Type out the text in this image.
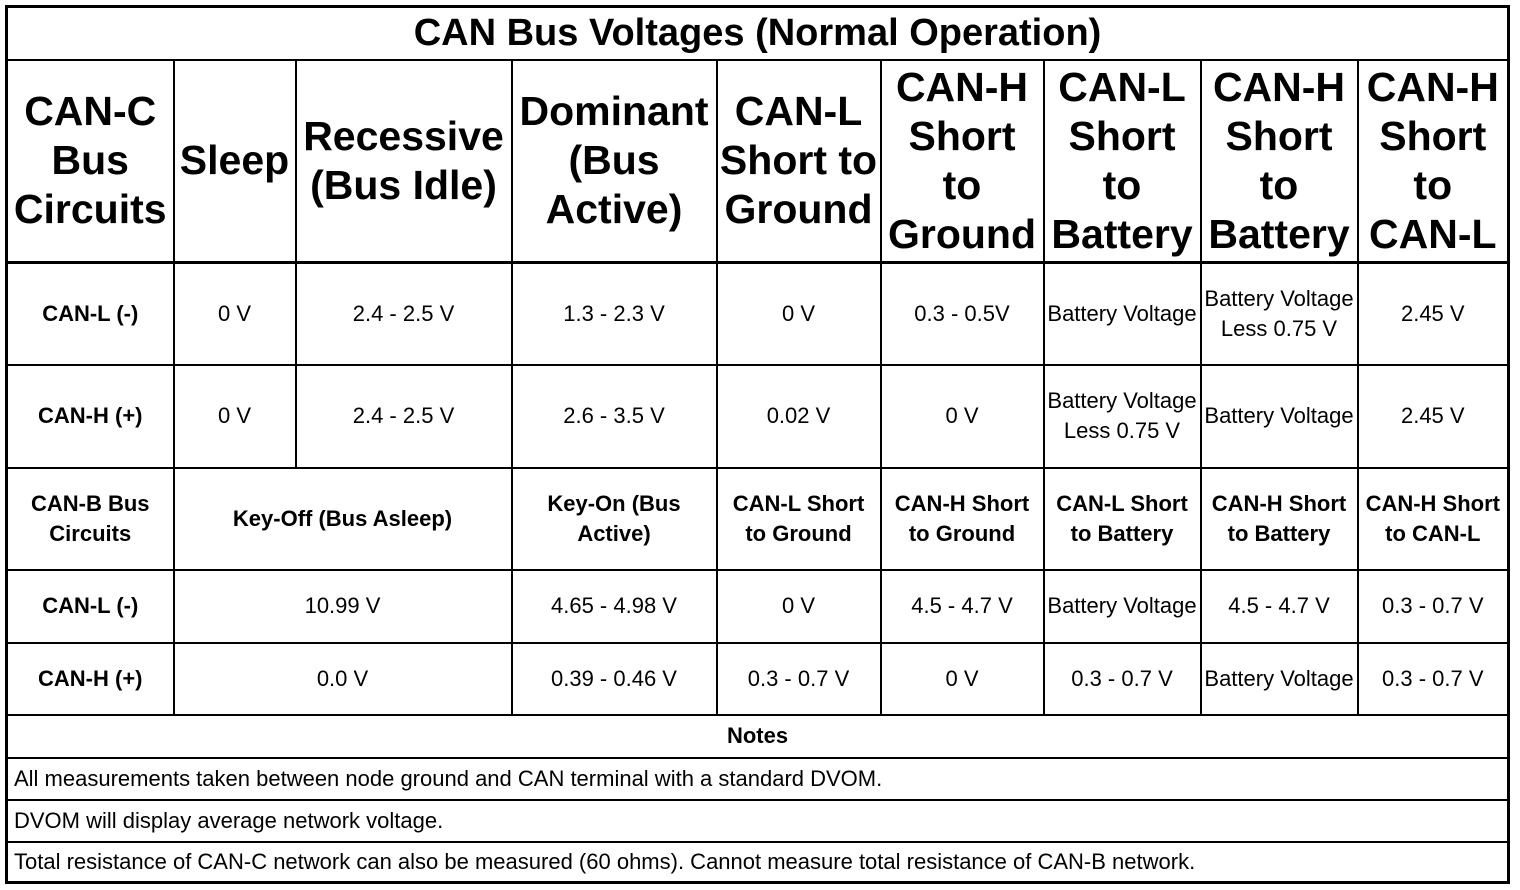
CAN Bus Voltages (Normal Operation)								
CAN-C Bus Circuits	Sleep	Recessive (Bus Idle)	Dominant (Bus Active)	CAN-L Short to Ground	CAN-H Short to Ground	CAN-L Short to Battery	CAN-H Short to Battery	CAN-H Short to CAN-L
CAN-L (-)	0 V	2.4 - 2.5 V	1.3 - 2.3 V	0 V	0.3 - 0.5V	Battery Voltage	Battery Voltage Less 0.75 V	2.45 V
CAN-H (+)	0 V	2.4 - 2.5 V	2.6 - 3.5 V	0.02 V	0 V	Battery Voltage Less 0.75 V	Battery Voltage	2.45 V
CAN-B Bus Circuits	Key-Off (Bus Asleep)		Key-On (Bus Active)	CAN-L Short to Ground	CAN-H Short to Ground	CAN-L Short to Battery	CAN-H Short to Battery	CAN-H Short to CAN-L
CAN-L (-)	10.99 V		4.65 - 4.98 V	0 V	4.5 - 4.7 V	Battery Voltage	4.5 - 4.7 V	0.3 - 0.7 V
CAN-H (+)	0.0 V		0.39 - 0.46 V	0.3 - 0.7 V	0 V	0.3 - 0.7 V	Battery Voltage	0.3 - 0.7 V
Notes								
All measurements taken between node ground and CAN terminal with a standard DVOM.								
DVOM will display average network voltage.								
Total resistance of CAN-C network can also be measured (60 ohms). Cannot measure total resistance of CAN-B network.								
